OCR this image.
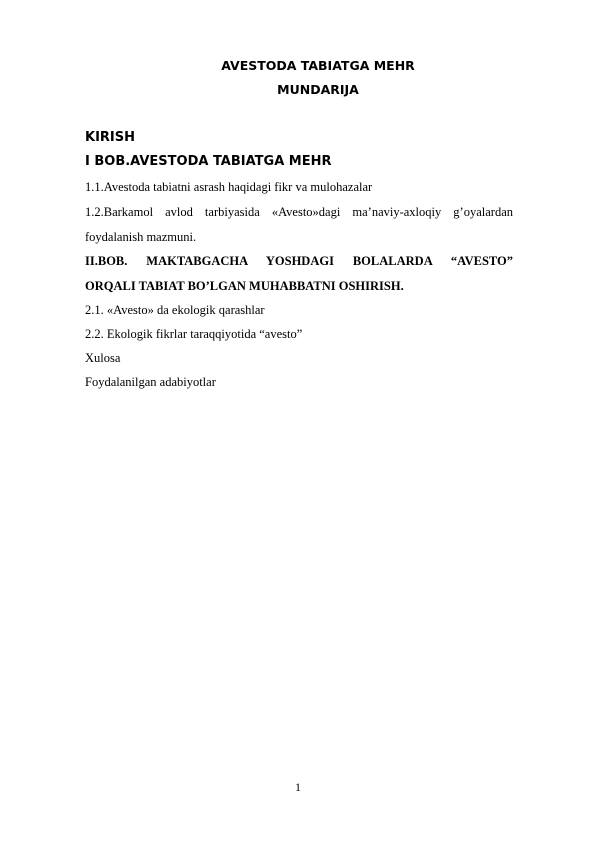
AVESTODA TABIATGA MEHR

MUNDARIJA

KIRISH

I BOB.AVESTODA TABIATGA MEHR

1.1.Avestoda tabiatni asrash haqidagi fikr va mulohazalar

1.2.Barkamol avlod tarbiyasida «Avesto»dagi ma’naviy-axloqiy g’oyalardan

foydalanish mazmuni.

II.BOB. MAKTABGACHA YOSHDAGI BOLALARDA “AVESTO”

ORQALI TABIAT BO’LGAN MUHABBATNI OSHIRISH.

2.1. «Avesto» da ekologik qarashlar

2.2. Ekologik fikrlar taraqqiyotida “avesto”

Xulosa

Foydalanilgan adabiyotlar

1
